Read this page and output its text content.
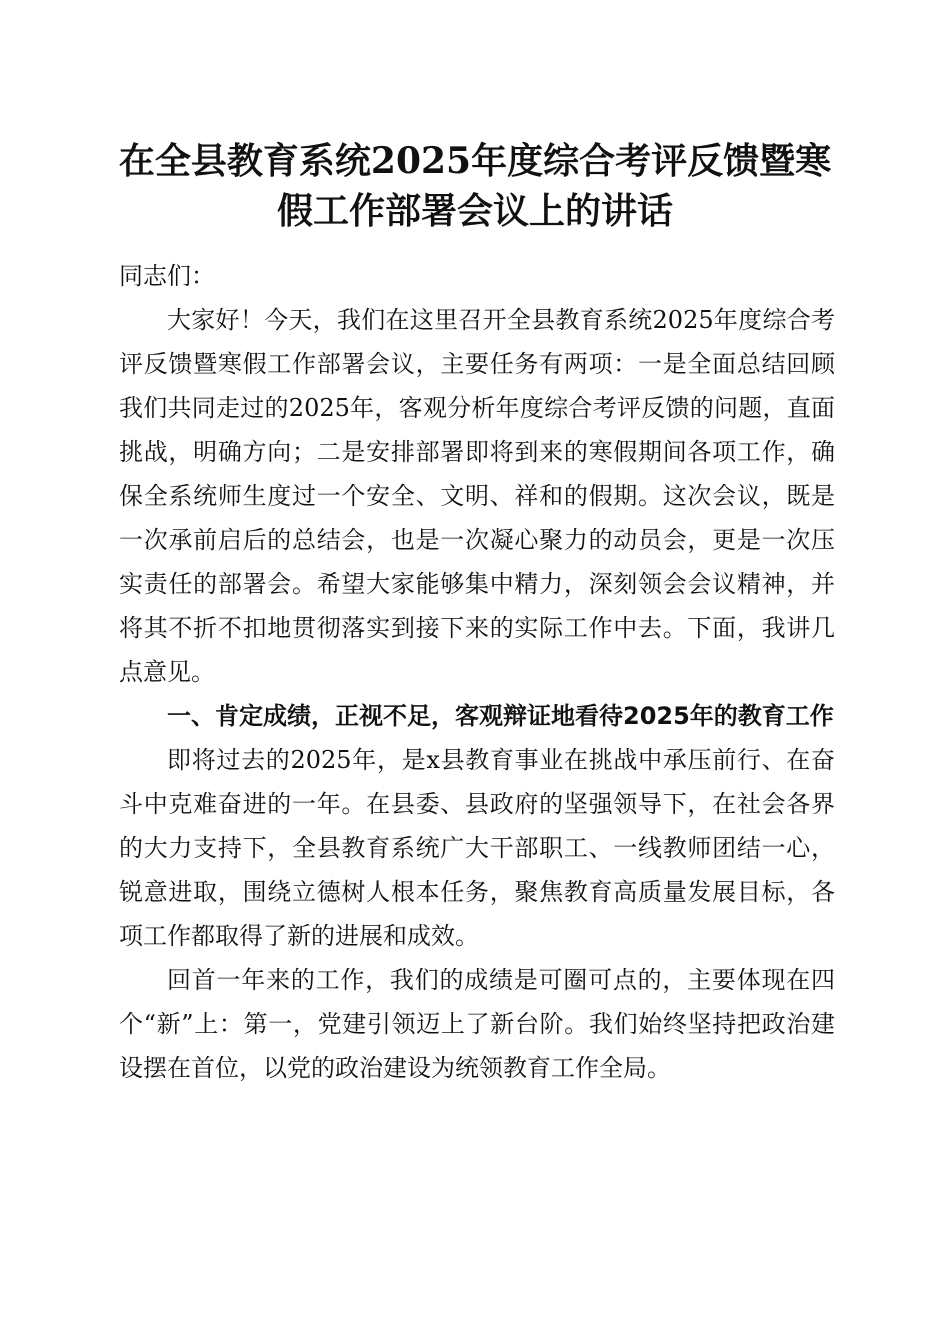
在全县教育系统2025年度综合考评反馈暨寒
假工作部署会议上的讲话

同志们：

大家好！今天，我们在这里召开全县教育系统2025年度综合考评反馈暨寒假工作部署会议，主要任务有两项：一是全面总结回顾我们共同走过的2025年，客观分析年度综合考评反馈的问题，直面挑战，明确方向；二是安排部署即将到来的寒假期间各项工作，确保全系统师生度过一个安全、文明、祥和的假期。这次会议，既是一次承前启后的总结会，也是一次凝心聚力的动员会，更是一次压实责任的部署会。希望大家能够集中精力，深刻领会会议精神，并将其不折不扣地贯彻落实到接下来的实际工作中去。下面，我讲几点意见。

一、肯定成绩，正视不足，客观辩证地看待2025年的教育工作

即将过去的2025年，是x县教育事业在挑战中承压前行、在奋斗中克难奋进的一年。在县委、县政府的坚强领导下，在社会各界的大力支持下，全县教育系统广大干部职工、一线教师团结一心，锐意进取，围绕立德树人根本任务，聚焦教育高质量发展目标，各项工作都取得了新的进展和成效。

回首一年来的工作，我们的成绩是可圈可点的，主要体现在四个“新”上：第一，党建引领迈上了新台阶。我们始终坚持把政治建设摆在首位，以党的政治建设为统领教育工作全局。
